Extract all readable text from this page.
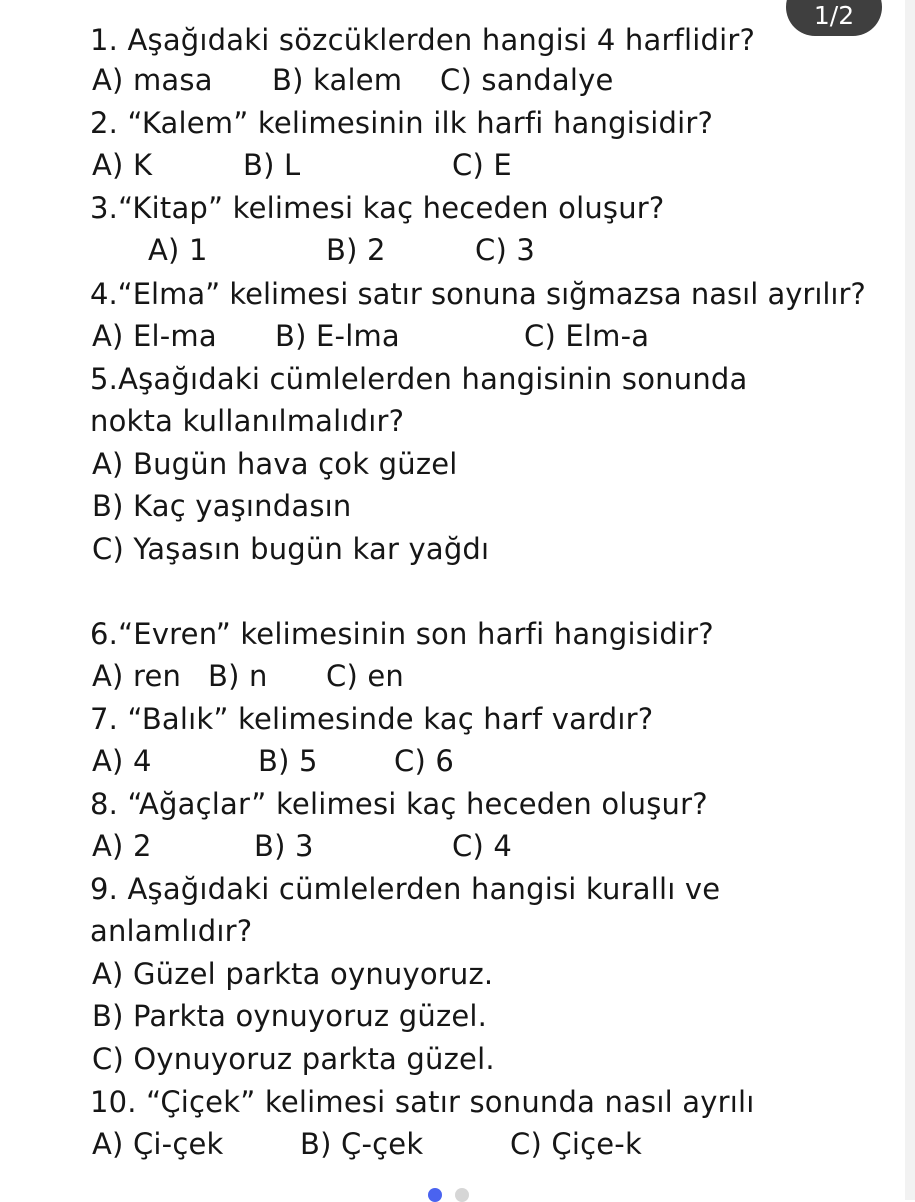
1. Aşağıdaki sözcüklerden hangisi 4 harflidir?
A) masa B) kalem C) sandalye
2. “Kalem” kelimesinin ilk harfi hangisidir?
A) K	B) L	C) E
3.“Kitap” kelimesi kaç heceden oluşur?
A) 1	B) 2	C) 3
4.“Elma” kelimesi satır sonuna sığmazsa nasıl ayrılır?
A) El-ma B) E-lma	C) Elm-a
5.Aşağıdaki cümlelerden hangisinin sonunda
nokta kullanılmalıdır?
A) Bugün hava çok güzel
B) Kaç yaşındasın
C) Yaşasın bugün kar yağdı
6.“Evren” kelimesinin son harfi hangisidir?
A) ren B) n C) en
7. “Balık” kelimesinde kaç harf vardır?
A) 4	B) 5	C) 6
8. “Ağaçlar” kelimesi kaç heceden oluşur?
A) 2	B) 3	C) 4
9. Aşağıdaki cümlelerden hangisi kurallı ve
anlamlıdır?
A) Güzel parkta oynuyoruz.
B) Parkta oynuyoruz güzel.
C) Oynuyoruz parkta güzel.
10. “Çiçek” kelimesi satır sonunda nasıl ayrılı
A) Çi-çek	B) Ç-çek	C) Çiçe-k
1/2
